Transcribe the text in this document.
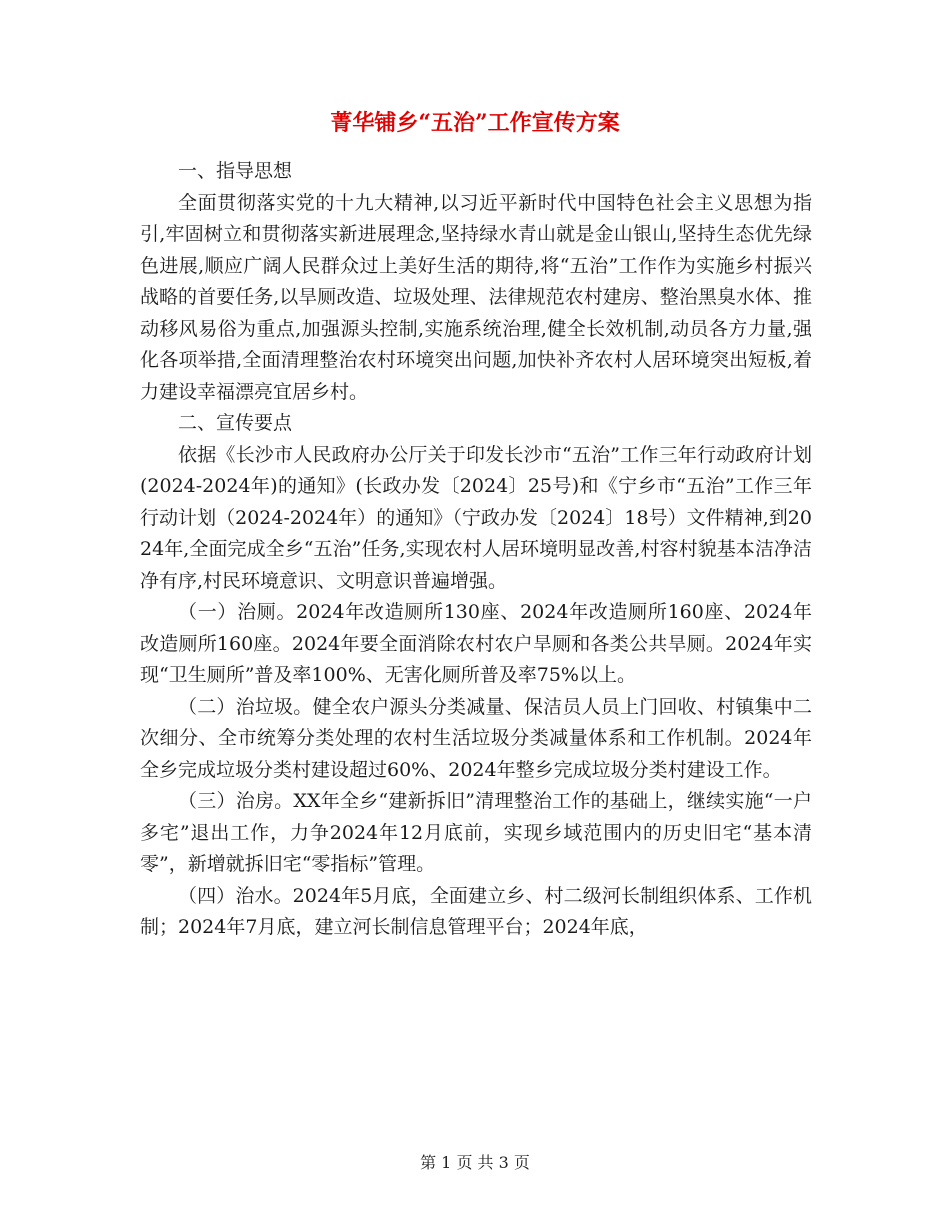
菁华铺乡“五治”工作宣传方案

一、指导思想

全面贯彻落实党的十九大精神,以习近平新时代中国特色社会主义思想为指引,牢固树立和贯彻落实新进展理念,坚持绿水青山就是金山银山,坚持生态优先绿色进展,顺应广阔人民群众过上美好生活的期待,将“五治”工作作为实施乡村振兴战略的首要任务,以旱厕改造、垃圾处理、法律规范农村建房、整治黑臭水体、推动移风易俗为重点,加强源头控制,实施系统治理,健全长效机制,动员各方力量,强化各项举措,全面清理整治农村环境突出问题,加快补齐农村人居环境突出短板,着力建设幸福漂亮宜居乡村。

二、宣传要点

依据《长沙市人民政府办公厅关于印发长沙市“五治”工作三年行动政府计划(2024-2024年)的通知》(长政办发〔2024〕25号)和《宁乡市“五治”工作三年行动计划（2024-2024年）的通知》（宁政办发〔2024〕18号）文件精神,到2024年,全面完成全乡“五治”任务,实现农村人居环境明显改善,村容村貌基本洁净洁净有序,村民环境意识、文明意识普遍增强。

（一）治厕。2024年改造厕所130座、2024年改造厕所160座、2024年改造厕所160座。2024年要全面消除农村农户旱厕和各类公共旱厕。2024年实现“卫生厕所”普及率100%、无害化厕所普及率75%以上。

（二）治垃圾。健全农户源头分类减量、保洁员人员上门回收、村镇集中二次细分、全市统筹分类处理的农村生活垃圾分类减量体系和工作机制。2024年全乡完成垃圾分类村建设超过60%、2024年整乡完成垃圾分类村建设工作。

（三）治房。XX年全乡“建新拆旧”清理整治工作的基础上，继续实施“一户多宅”退出工作，力争2024年12月底前，实现乡域范围内的历史旧宅“基本清零”，新增就拆旧宅“零指标”管理。

（四）治水。2024年5月底，全面建立乡、村二级河长制组织体系、工作机制；2024年7月底，建立河长制信息管理平台；2024年底，

第 1 页 共 3 页
